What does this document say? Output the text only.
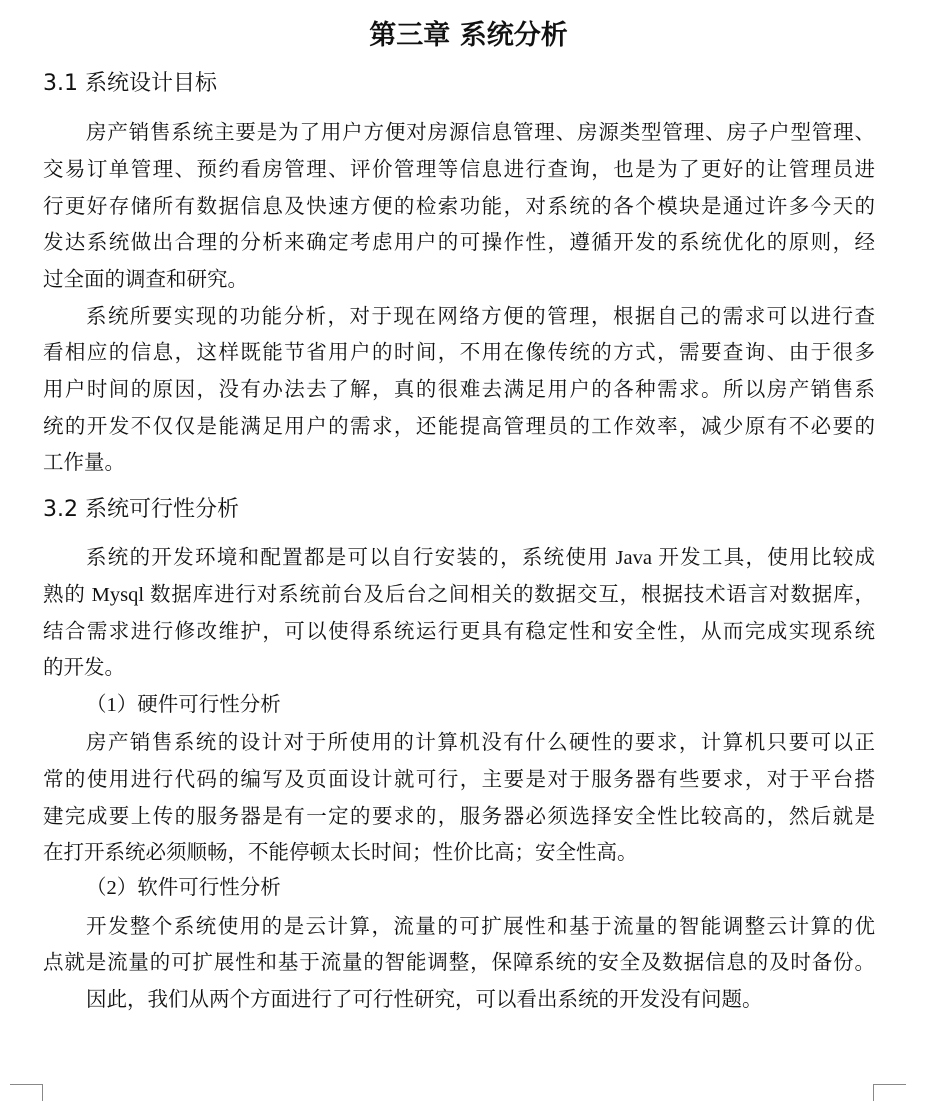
第三章 系统分析
3.1 系统设计目标
3.2 系统可行性分析
房产销售系统主要是为了用户方便对房源信息管理、房源类型管理、房子户型管理、
交易订单管理、预约看房管理、评价管理等信息进行查询，也是为了更好的让管理员进
行更好存储所有数据信息及快速方便的检索功能，对系统的各个模块是通过许多今天的
发达系统做出合理的分析来确定考虑用户的可操作性，遵循开发的系统优化的原则，经
过全面的调查和研究。
系统所要实现的功能分析，对于现在网络方便的管理，根据自己的需求可以进行查
看相应的信息，这样既能节省用户的时间，不用在像传统的方式，需要查询、由于很多
用户时间的原因，没有办法去了解，真的很难去满足用户的各种需求。所以房产销售系
统的开发不仅仅是能满足用户的需求，还能提高管理员的工作效率，减少原有不必要的
工作量。
系统的开发环境和配置都是可以自行安装的，系统使用 Java 开发工具，使用比较成
熟的 Mysql 数据库进行对系统前台及后台之间相关的数据交互，根据技术语言对数据库，
结合需求进行修改维护，可以使得系统运行更具有稳定性和安全性，从而完成实现系统
的开发。
（1）硬件可行性分析
房产销售系统的设计对于所使用的计算机没有什么硬性的要求，计算机只要可以正
常的使用进行代码的编写及页面设计就可行，主要是对于服务器有些要求，对于平台搭
建完成要上传的服务器是有一定的要求的，服务器必须选择安全性比较高的，然后就是
在打开系统必须顺畅，不能停顿太长时间；性价比高；安全性高。
（2）软件可行性分析
开发整个系统使用的是云计算，流量的可扩展性和基于流量的智能调整云计算的优
点就是流量的可扩展性和基于流量的智能调整，保障系统的安全及数据信息的及时备份。
因此，我们从两个方面进行了可行性研究，可以看出系统的开发没有问题。
